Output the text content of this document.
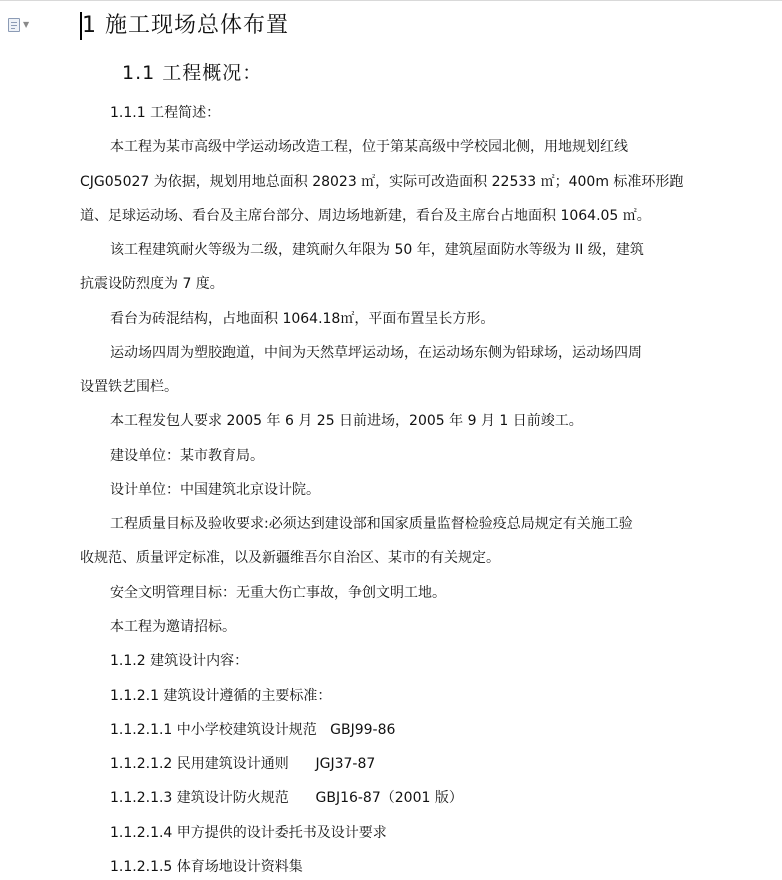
▼ 1 施工现场总体布置
1.1 工程概况：
1.1.1 工程简述：
本工程为某市高级中学运动场改造工程，位于第某高级中学校园北侧，用地规划红线
CJG05027 为依据，规划用地总面积 28023 ㎡，实际可改造面积 22533 ㎡；400m 标准环形跑
道、足球运动场、看台及主席台部分、周边场地新建，看台及主席台占地面积 1064.05 ㎡。
该工程建筑耐火等级为二级，建筑耐久年限为 50 年，建筑屋面防水等级为 II 级，建筑
抗震设防烈度为 7 度。
看台为砖混结构，占地面积 1064.18㎡，平面布置呈长方形。
运动场四周为塑胶跑道，中间为天然草坪运动场，在运动场东侧为铅球场，运动场四周
设置铁艺围栏。
本工程发包人要求 2005 年 6 月 25 日前进场，2005 年 9 月 1 日前竣工。
建设单位：某市教育局。
设计单位：中国建筑北京设计院。
工程质量目标及验收要求:必须达到建设部和国家质量监督检验疫总局规定有关施工验
收规范、质量评定标准，以及新疆维吾尔自治区、某市的有关规定。
安全文明管理目标：无重大伤亡事故，争创文明工地。
本工程为邀请招标。
1.1.2 建筑设计内容：
1.1.2.1 建筑设计遵循的主要标准：
1.1.2.1.1 中小学校建筑设计规范   GBJ99-86
1.1.2.1.2 民用建筑设计通则      JGJ37-87
1.1.2.1.3 建筑设计防火规范      GBJ16-87（2001 版）
1.1.2.1.4 甲方提供的设计委托书及设计要求
1.1.2.1.5 体育场地设计资料集
